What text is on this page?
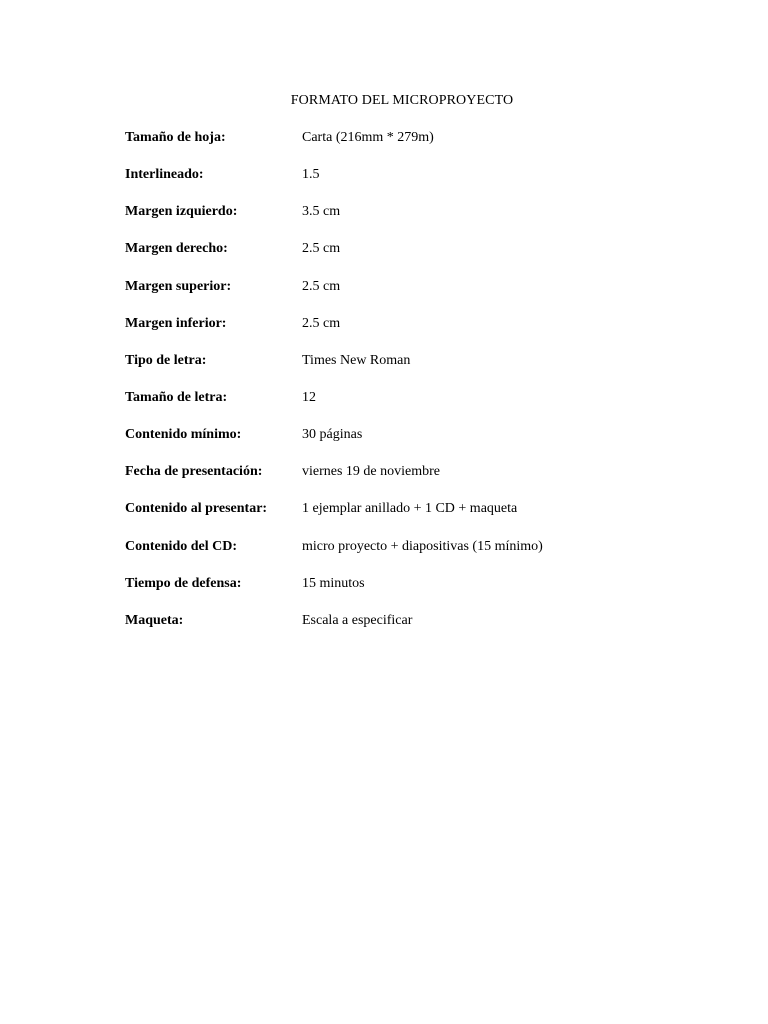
FORMATO DEL MICROPROYECTO
Tamaño de hoja:	Carta (216mm * 279m)
Interlineado:	1.5
Margen izquierdo:	3.5 cm
Margen derecho:	2.5 cm
Margen superior:	2.5 cm
Margen inferior:	2.5 cm
Tipo de letra:	Times New Roman
Tamaño de letra:	12
Contenido mínimo:	30 páginas
Fecha de presentación:	viernes 19 de noviembre
Contenido al presentar:	1 ejemplar anillado + 1 CD + maqueta
Contenido del CD:	micro proyecto + diapositivas (15 mínimo)
Tiempo de defensa:	15 minutos
Maqueta:	Escala a especificar
